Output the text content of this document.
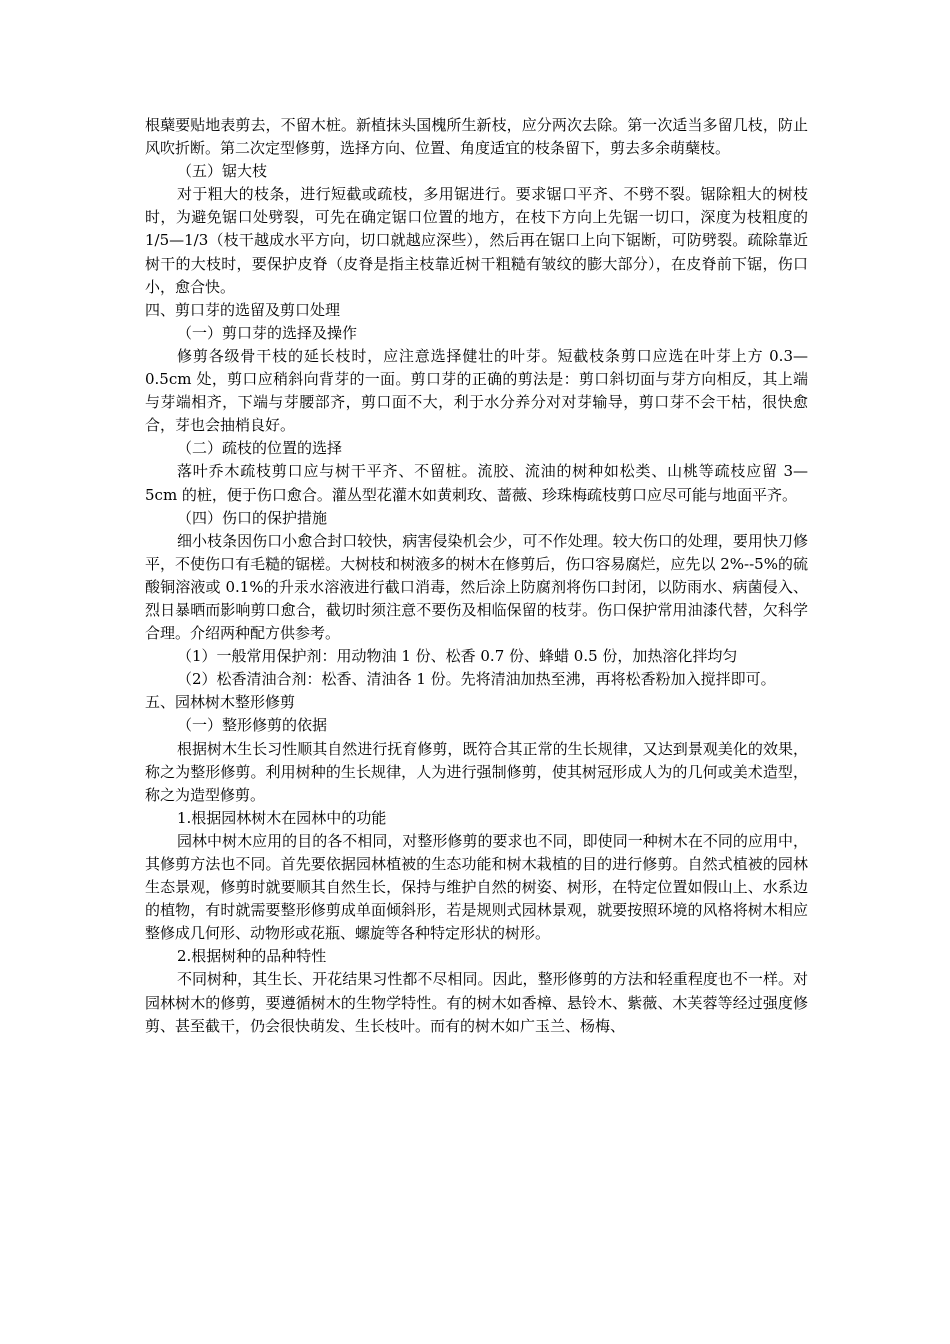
根蘖要贴地表剪去，不留木桩。新植抹头国槐所生新枝，应分两次去除。第一次适当多留几枝，防止风吹折断。第二次定型修剪，选择方向、位置、角度适宜的枝条留下，剪去多余萌蘖枝。

（五）锯大枝

对于粗大的枝条，进行短截或疏枝，多用锯进行。要求锯口平齐、不劈不裂。锯除粗大的树枝时，为避免锯口处劈裂，可先在确定锯口位置的地方，在枝下方向上先锯一切口，深度为枝粗度的 1/5—1/3（枝干越成水平方向，切口就越应深些），然后再在锯口上向下锯断，可防劈裂。疏除靠近树干的大枝时，要保护皮脊（皮脊是指主枝靠近树干粗糙有皱纹的膨大部分），在皮脊前下锯，伤口小，愈合快。

四、剪口芽的选留及剪口处理

（一）剪口芽的选择及操作

修剪各级骨干枝的延长枝时，应注意选择健壮的叶芽。短截枝条剪口应选在叶芽上方 0.3—0.5cm 处，剪口应稍斜向背芽的一面。剪口芽的正确的剪法是：剪口斜切面与芽方向相反，其上端与芽端相齐，下端与芽腰部齐，剪口面不大，利于水分养分对对芽输导，剪口芽不会干枯，很快愈合，芽也会抽梢良好。

（二）疏枝的位置的选择

落叶乔木疏枝剪口应与树干平齐、不留桩。流胶、流油的树种如松类、山桃等疏枝应留 3—5cm 的桩，便于伤口愈合。灌丛型花灌木如黄刺玫、蔷薇、珍珠梅疏枝剪口应尽可能与地面平齐。

（四）伤口的保护措施

细小枝条因伤口小愈合封口较快，病害侵染机会少，可不作处理。较大伤口的处理，要用快刀修平，不使伤口有毛糙的锯槎。大树枝和树液多的树木在修剪后，伤口容易腐烂，应先以 2%--5%的硫酸铜溶液或 0.1%的升汞水溶液进行截口消毒，然后涂上防腐剂将伤口封闭，以防雨水、病菌侵入、烈日暴晒而影响剪口愈合，截切时须注意不要伤及相临保留的枝芽。伤口保护常用油漆代替，欠科学合理。介绍两种配方供参考。

（1）一般常用保护剂：用动物油 1 份、松香 0.7 份、蜂蜡 0.5 份，加热溶化拌均匀

（2）松香清油合剂：松香、清油各 1 份。先将清油加热至沸，再将松香粉加入搅拌即可。

五、园林树木整形修剪

（一）整形修剪的依据

根据树木生长习性顺其自然进行抚育修剪，既符合其正常的生长规律，又达到景观美化的效果，称之为整形修剪。利用树种的生长规律，人为进行强制修剪，使其树冠形成人为的几何或美术造型，称之为造型修剪。

1.根据园林树木在园林中的功能

园林中树木应用的目的各不相同，对整形修剪的要求也不同，即使同一种树木在不同的应用中，其修剪方法也不同。首先要依据园林植被的生态功能和树木栽植的目的进行修剪。自然式植被的园林生态景观，修剪时就要顺其自然生长，保持与维护自然的树姿、树形，在特定位置如假山上、水系边的植物，有时就需要整形修剪成单面倾斜形，若是规则式园林景观，就要按照环境的风格将树木相应整修成几何形、动物形或花瓶、螺旋等各种特定形状的树形。

2.根据树种的品种特性

不同树种，其生长、开花结果习性都不尽相同。因此，整形修剪的方法和轻重程度也不一样。对园林树木的修剪，要遵循树木的生物学特性。有的树木如香樟、悬铃木、紫薇、木芙蓉等经过强度修剪、甚至截干，仍会很快萌发、生长枝叶。而有的树木如广玉兰、杨梅、
